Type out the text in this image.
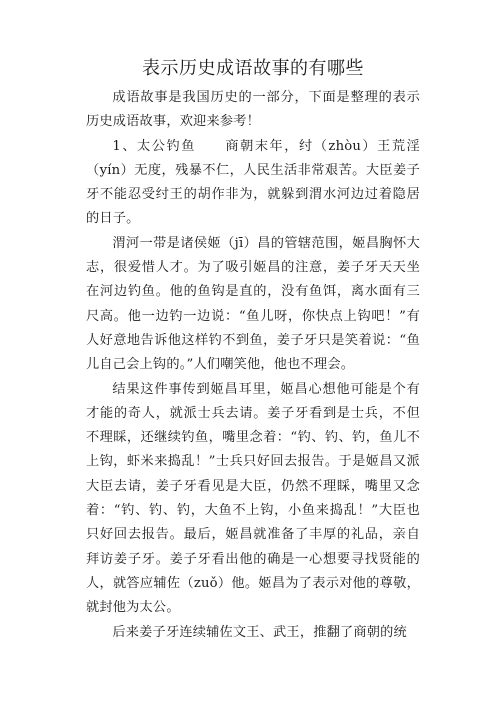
表示历史成语故事的有哪些

成语故事是我国历史的一部分，下面是整理的表示历史成语故事，欢迎来参考！

1、太公钓鱼　　商朝末年，纣（zhòu）王荒淫（yín）无度，残暴不仁，人民生活非常艰苦。大臣姜子牙不能忍受纣王的胡作非为，就躲到渭水河边过着隐居的日子。

渭河一带是诸侯姬（jī）昌的管辖范围，姬昌胸怀大志，很爱惜人才。为了吸引姬昌的注意，姜子牙天天坐在河边钓鱼。他的鱼钩是直的，没有鱼饵，离水面有三尺高。他一边钓一边说：“鱼儿呀，你快点上钩吧！”有人好意地告诉他这样钓不到鱼，姜子牙只是笑着说：“鱼儿自己会上钩的。”人们嘲笑他，他也不理会。

结果这件事传到姬昌耳里，姬昌心想他可能是个有才能的奇人，就派士兵去请。姜子牙看到是士兵，不但不理睬，还继续钓鱼，嘴里念着：“钓、钓、钓，鱼儿不上钩，虾米来捣乱！”士兵只好回去报告。于是姬昌又派大臣去请，姜子牙看见是大臣，仍然不理睬，嘴里又念着：“钓、钓、钓，大鱼不上钩，小鱼来捣乱！”大臣也只好回去报告。最后，姬昌就准备了丰厚的礼品，亲自拜访姜子牙。姜子牙看出他的确是一心想要寻找贤能的人，就答应辅佐（zuǒ）他。姬昌为了表示对他的尊敬，就封他为太公。

后来姜子牙连续辅佐文王、武王，推翻了商朝的统
